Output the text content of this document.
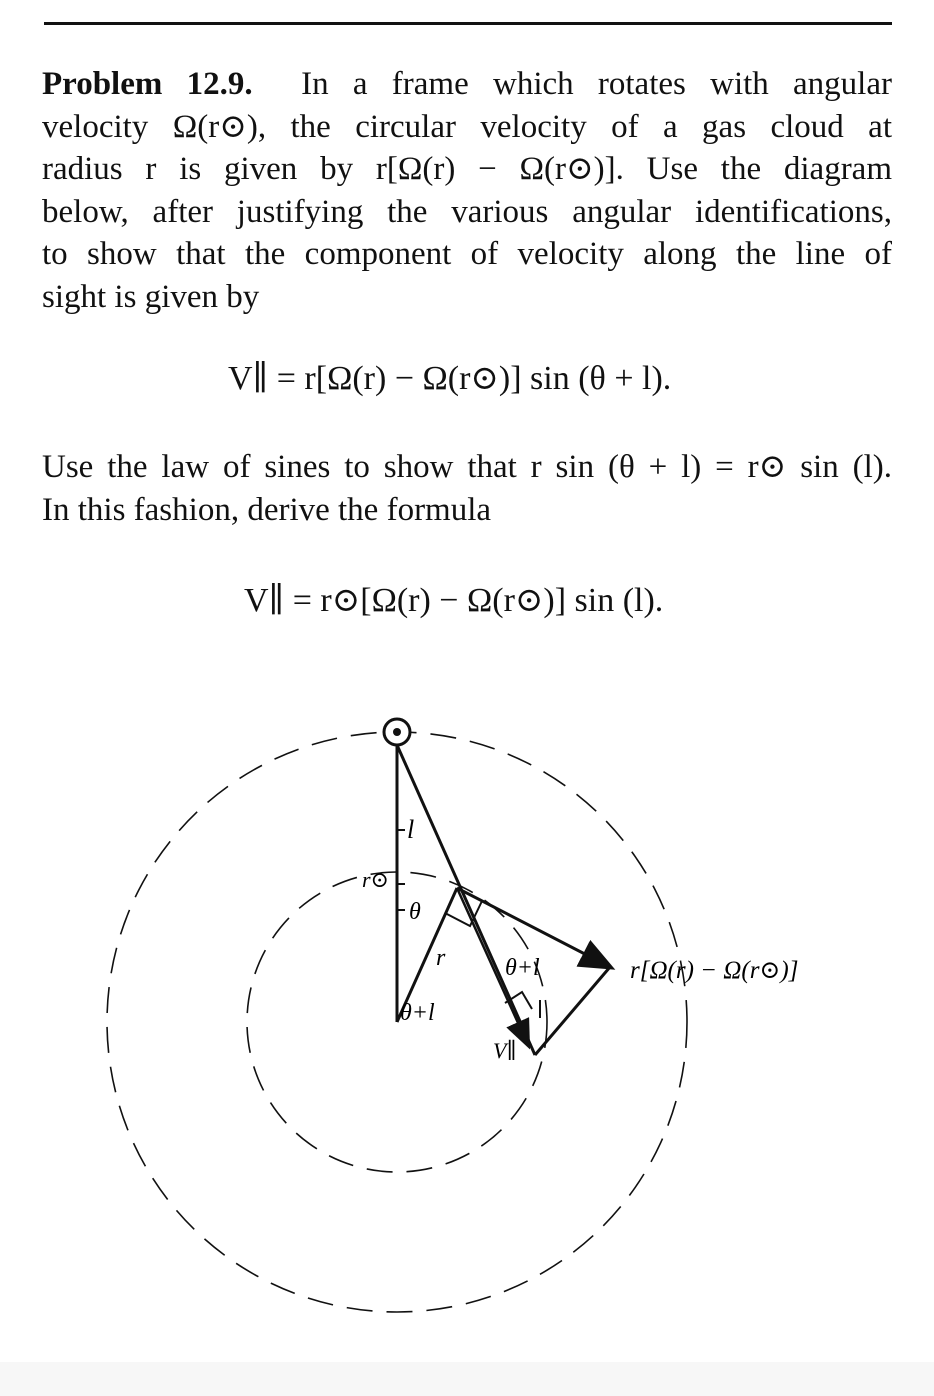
Problem 12.9. In a frame which rotates with angular
velocity Ω(r⊙), the circular velocity of a gas cloud at
radius r is given by r[Ω(r) − Ω(r⊙)]. Use the diagram
below, after justifying the various angular identifications,
to show that the component of velocity along the line of
sight is given by
V∥ = r[Ω(r) − Ω(r⊙)] sin (θ + l).
Use the law of sines to show that r sin (θ + l) = r⊙ sin (l).
In this fashion, derive the formula
V∥ = r⊙[Ω(r) − Ω(r⊙)] sin (l).
l
r⊙
θ
r
θ+l
θ+l
V∥
r[Ω(r) − Ω(r⊙)]
